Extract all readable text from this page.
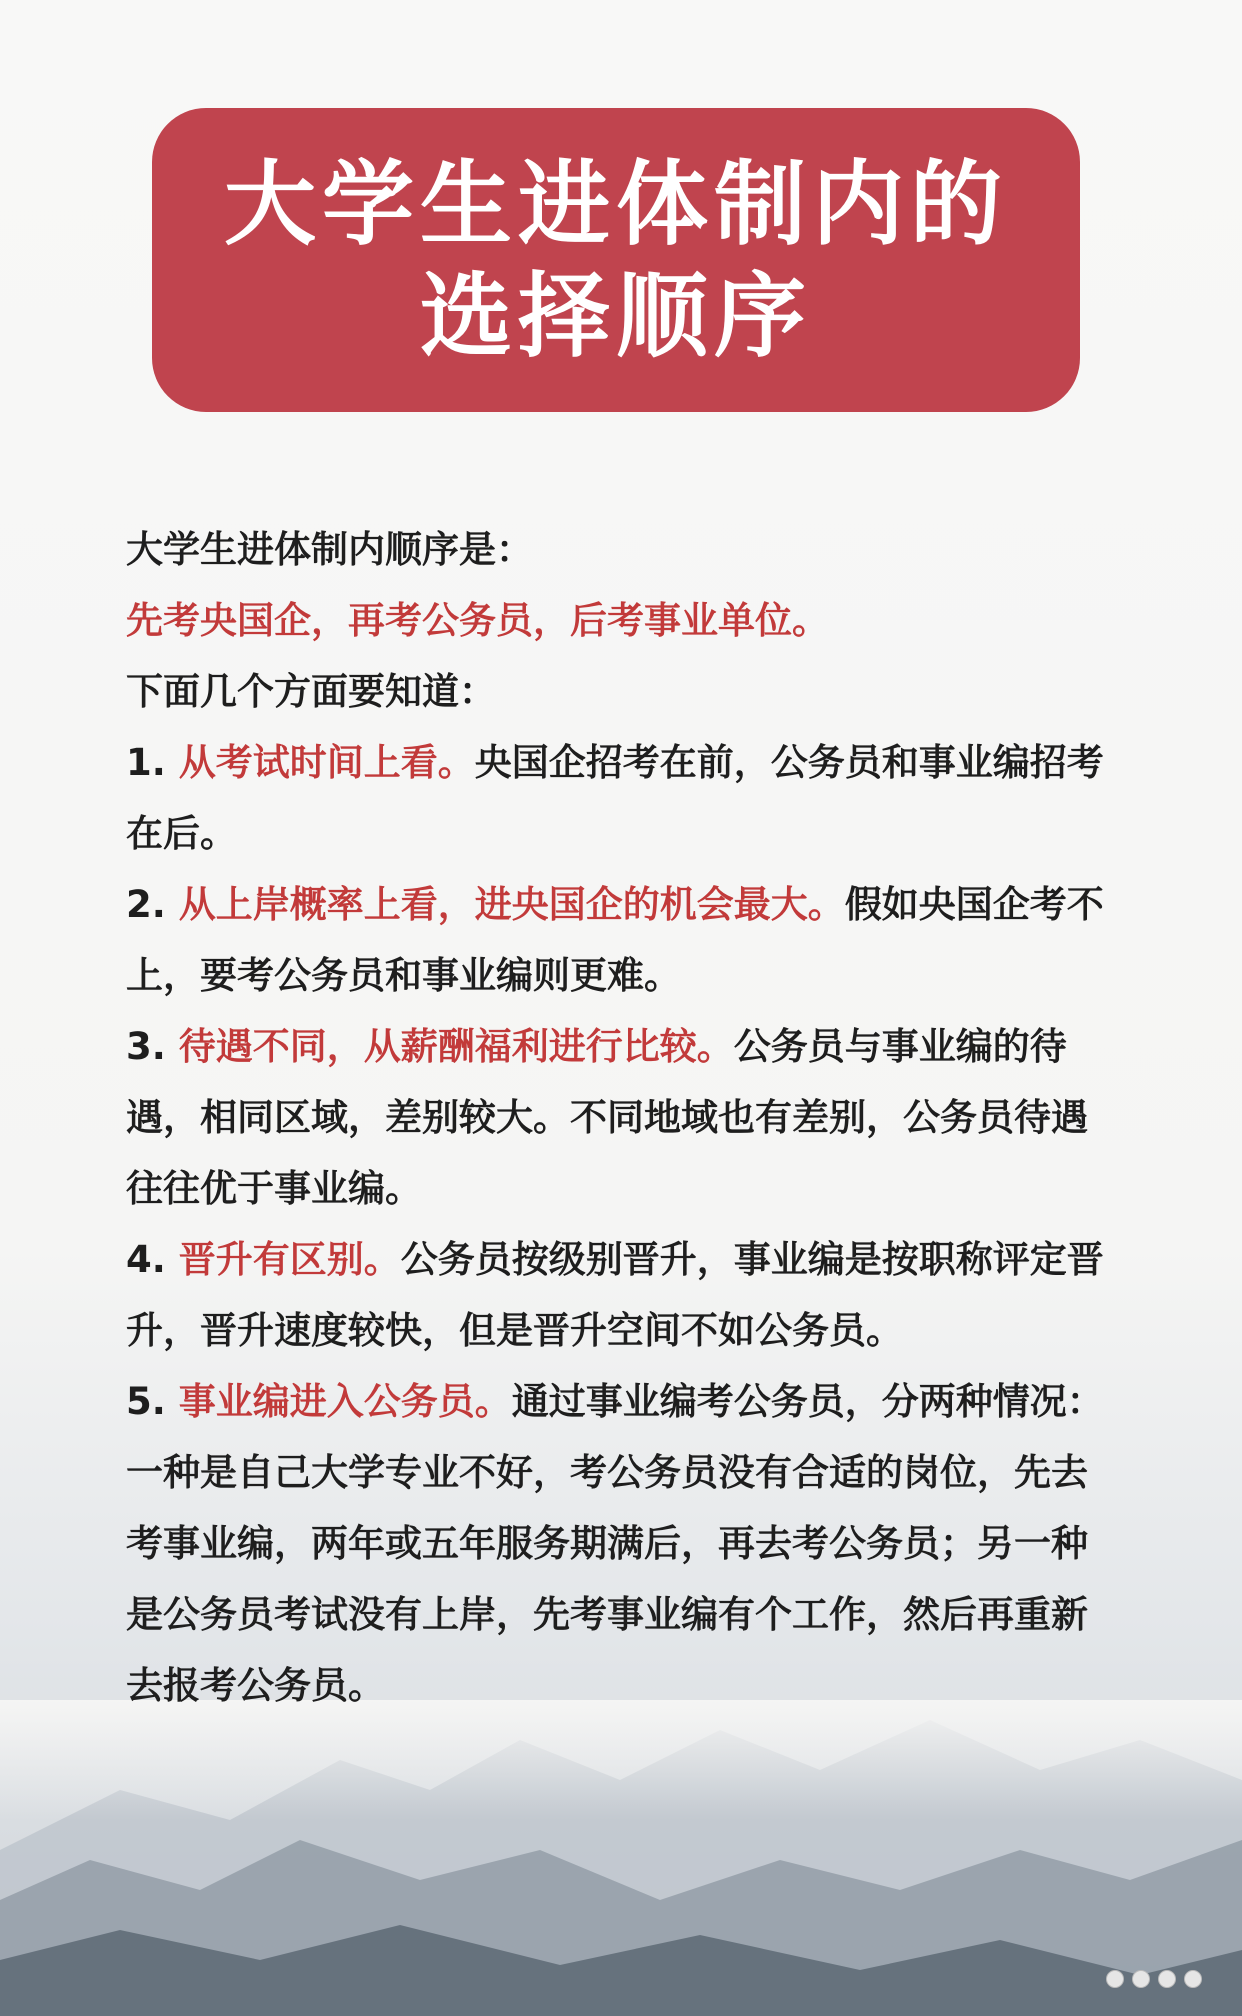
大学生进体制内的
选择顺序

大学生进体制内顺序是：

先考央国企，再考公务员，后考事业单位。

下面几个方面要知道：

1. 从考试时间上看。央国企招考在前，公务员和事业编招考在后。

2. 从上岸概率上看，进央国企的机会最大。假如央国企考不上，要考公务员和事业编则更难。

3. 待遇不同，从薪酬福利进行比较。公务员与事业编的待遇，相同区域，差别较大。不同地域也有差别，公务员待遇往往优于事业编。

4. 晋升有区别。公务员按级别晋升，事业编是按职称评定晋升，晋升速度较快，但是晋升空间不如公务员。

5. 事业编进入公务员。通过事业编考公务员，分两种情况：一种是自己大学专业不好，考公务员没有合适的岗位，先去考事业编，两年或五年服务期满后，再去考公务员；另一种是公务员考试没有上岸，先考事业编有个工作，然后再重新去报考公务员。
